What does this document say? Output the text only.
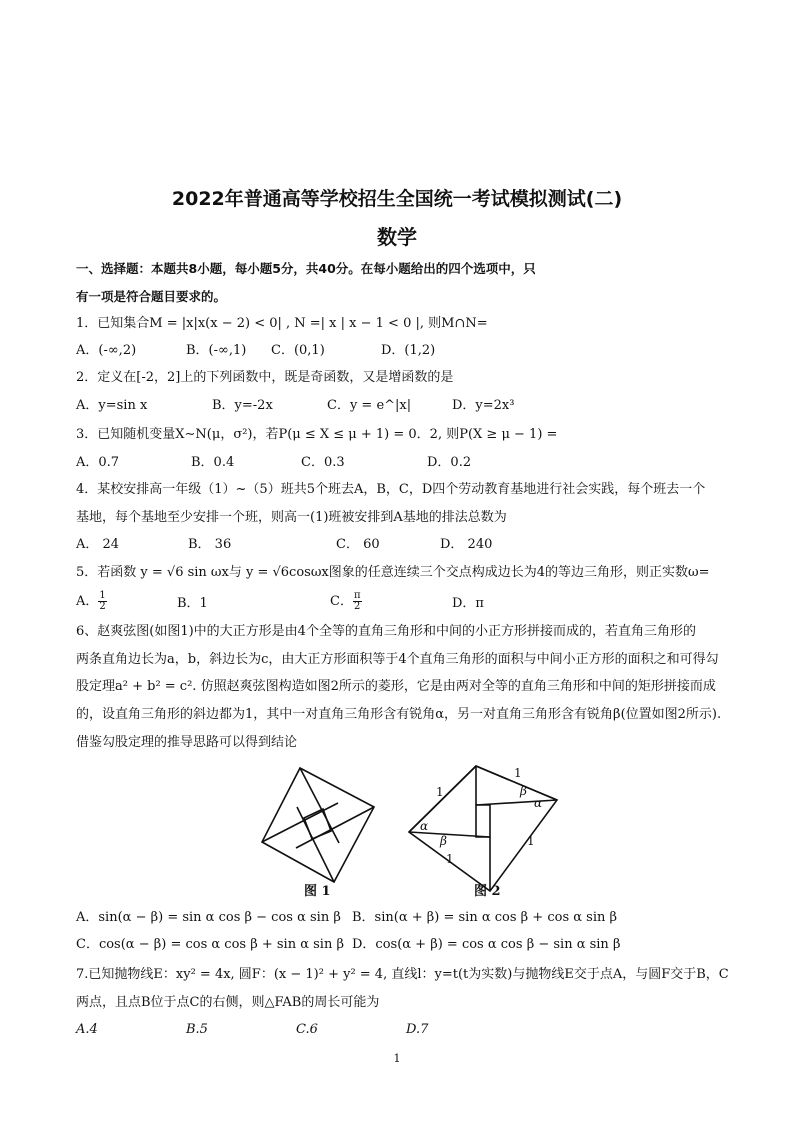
2022年普通高等学校招生全国统一考试模拟测试(二)
数学
一、选择题：本题共8小题，每小题5分，共40分。在每小题给出的四个选项中，只
有一项是符合题目要求的。
1．已知集合M = |x|x(x − 2) < 0| , N =| x | x − 1 < 0 |, 则M∩N=
A．(-∞,2)	B．(-∞,1) C．(0,1)	D．(1,2)
2．定义在[-2，2]上的下列函数中，既是奇函数，又是增函数的是
A．y=sin x	B．y=-2x	C．y = e^|x|	D．y=2x³
3．已知随机变量X∼N(μ，σ²)，若P(μ ≤ X ≤ μ + 1) = 0．2, 则P(X ≥ μ − 1) =
A．0.7	B．0.4	C．0.3	D．0.2
4．某校安排高一年级（1）~（5）班共5个班去A，B，C，D四个劳动教育基地进行社会实践，每个班去一个
基地，每个基地至少安排一个班，则高一(1)班被安排到A基地的排法总数为
A． 24	B． 36	C． 60	D． 240
5．若函数 y = √6 sin ωx与 y = √6cosωx图象的任意连续三个交点构成边长为4的等边三角形，则正实数ω=
A． $\frac{1}{2}$	B．1	C． $\frac{\pi}{2}$	D．π
6、赵爽弦图(如图1)中的大正方形是由4个全等的直角三角形和中间的小正方形拼接而成的，若直角三角形的
两条直角边长为a，b，斜边长为c，由大正方形面积等于4个直角三角形的面积与中间小正方形的面积之和可得勾
股定理a² + b² = c². 仿照赵爽弦图构造如图2所示的菱形，它是由两对全等的直角三角形和中间的矩形拼接而成
的，设直角三角形的斜边都为1，其中一对直角三角形含有锐角α，另一对直角三角形含有锐角β(位置如图2所示).
借鉴勾股定理的推导思路可以得到结论
1
1
1
1
β
α
α
β
图 1	图 2
A．sin(α − β) = sin α cos β − cos α sin β B．sin(α + β) = sin α cos β + cos α sin β
C．cos(α − β) = cos α cos β + sin α sin β D．cos(α + β) = cos α cos β − sin α sin β
7.已知抛物线E：xy² = 4x, 圆F：(x − 1)² + y² = 4, 直线l：y=t(t为实数)与抛物线E交于点A，与圆F交于B，C
两点，且点B位于点C的右侧，则△FAB的周长可能为
A.4	B.5	C.6	D.7
1
